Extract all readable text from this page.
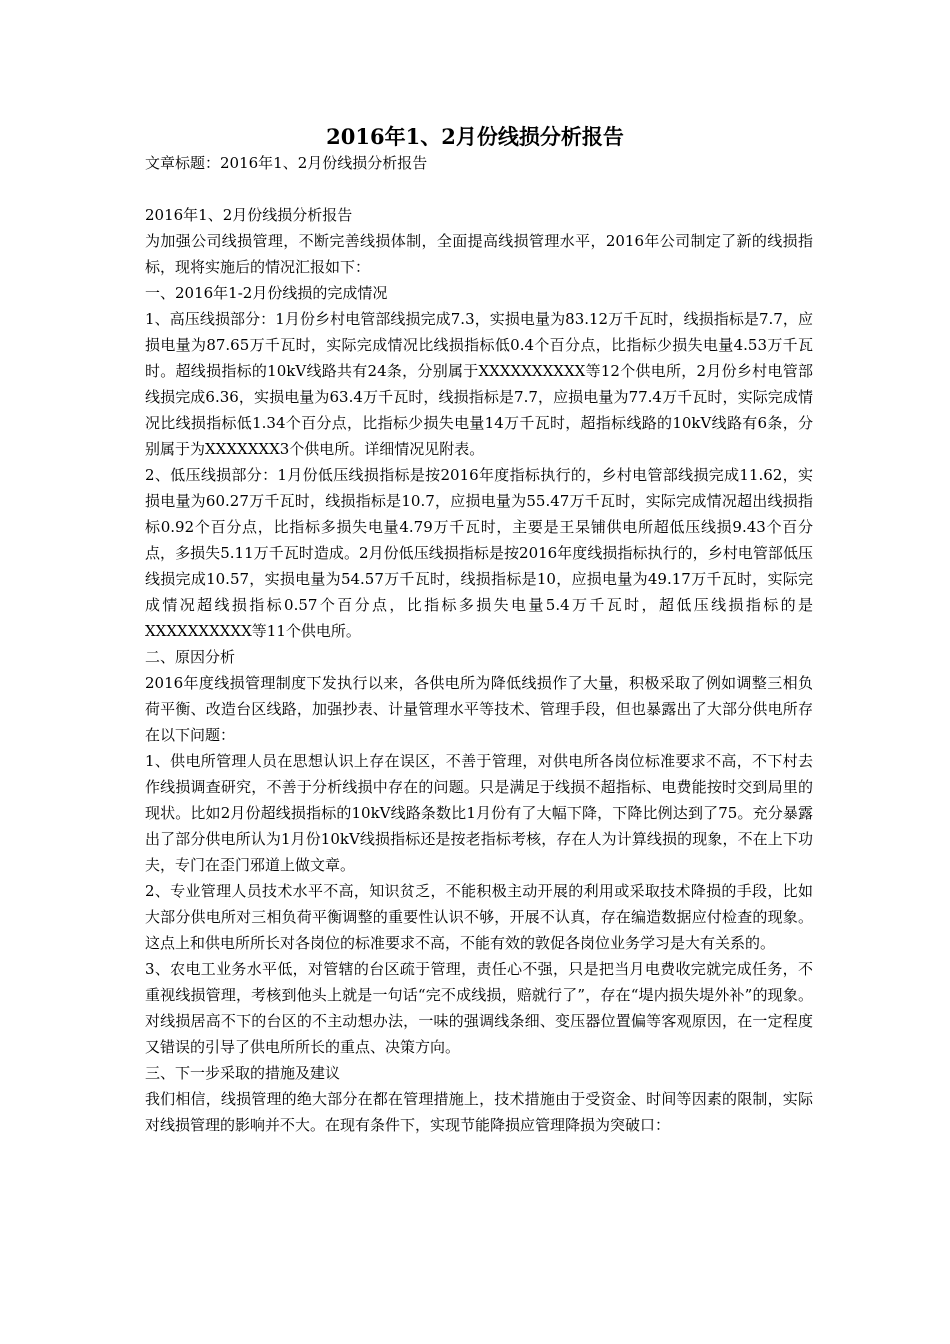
2016年1、2月份线损分析报告

文章标题：2016年1、2月份线损分析报告

2016年1、2月份线损分析报告

为加强公司线损管理，不断完善线损体制，全面提高线损管理水平，2016年公司制定了新的线损指标，现将实施后的情况汇报如下：

一、2016年1-2月份线损的完成情况

1、高压线损部分：1月份乡村电管部线损完成7.3，实损电量为83.12万千瓦时，线损指标是7.7，应损电量为87.65万千瓦时，实际完成情况比线损指标低0.4个百分点，比指标少损失电量4.53万千瓦时。超线损指标的10kV线路共有24条，分别属于XXXXXXXXXX等12个供电所，2月份乡村电管部线损完成6.36，实损电量为63.4万千瓦时，线损指标是7.7，应损电量为77.4万千瓦时，实际完成情况比线损指标低1.34个百分点，比指标少损失电量14万千瓦时，超指标线路的10kV线路有6条，分别属于为XXXXXXX3个供电所。详细情况见附表。

2、低压线损部分：1月份低压线损指标是按2016年度指标执行的，乡村电管部线损完成11.62，实损电量为60.27万千瓦时，线损指标是10.7，应损电量为55.47万千瓦时，实际完成情况超出线损指标0.92个百分点，比指标多损失电量4.79万千瓦时，主要是王杲铺供电所超低压线损9.43个百分点，多损失5.11万千瓦时造成。2月份低压线损指标是按2016年度线损指标执行的，乡村电管部低压线损完成10.57，实损电量为54.57万千瓦时，线损指标是10，应损电量为49.17万千瓦时，实际完成情况超线损指标0.57个百分点，比指标多损失电量5.4万千瓦时，超低压线损指标的是XXXXXXXXXX等11个供电所。

二、原因分析

2016年度线损管理制度下发执行以来，各供电所为降低线损作了大量，积极采取了例如调整三相负荷平衡、改造台区线路，加强抄表、计量管理水平等技术、管理手段，但也暴露出了大部分供电所存在以下问题：

1、供电所管理人员在思想认识上存在误区，不善于管理，对供电所各岗位标准要求不高，不下村去作线损调查研究，不善于分析线损中存在的问题。只是满足于线损不超指标、电费能按时交到局里的现状。比如2月份超线损指标的10kV线路条数比1月份有了大幅下降，下降比例达到了75。充分暴露出了部分供电所认为1月份10kV线损指标还是按老指标考核，存在人为计算线损的现象，不在上下功夫，专门在歪门邪道上做文章。

2、专业管理人员技术水平不高，知识贫乏，不能积极主动开展的利用或采取技术降损的手段，比如大部分供电所对三相负荷平衡调整的重要性认识不够，开展不认真，存在编造数据应付检查的现象。这点上和供电所所长对各岗位的标准要求不高，不能有效的敦促各岗位业务学习是大有关系的。

3、农电工业务水平低，对管辖的台区疏于管理，责任心不强，只是把当月电费收完就完成任务，不重视线损管理，考核到他头上就是一句话“完不成线损，赔就行了”，存在“堤内损失堤外补”的现象。对线损居高不下的台区的不主动想办法，一味的强调线条细、变压器位置偏等客观原因，在一定程度又错误的引导了供电所所长的重点、决策方向。

三、下一步采取的措施及建议

我们相信，线损管理的绝大部分在都在管理措施上，技术措施由于受资金、时间等因素的限制，实际对线损管理的影响并不大。在现有条件下，实现节能降损应管理降损为突破口：
